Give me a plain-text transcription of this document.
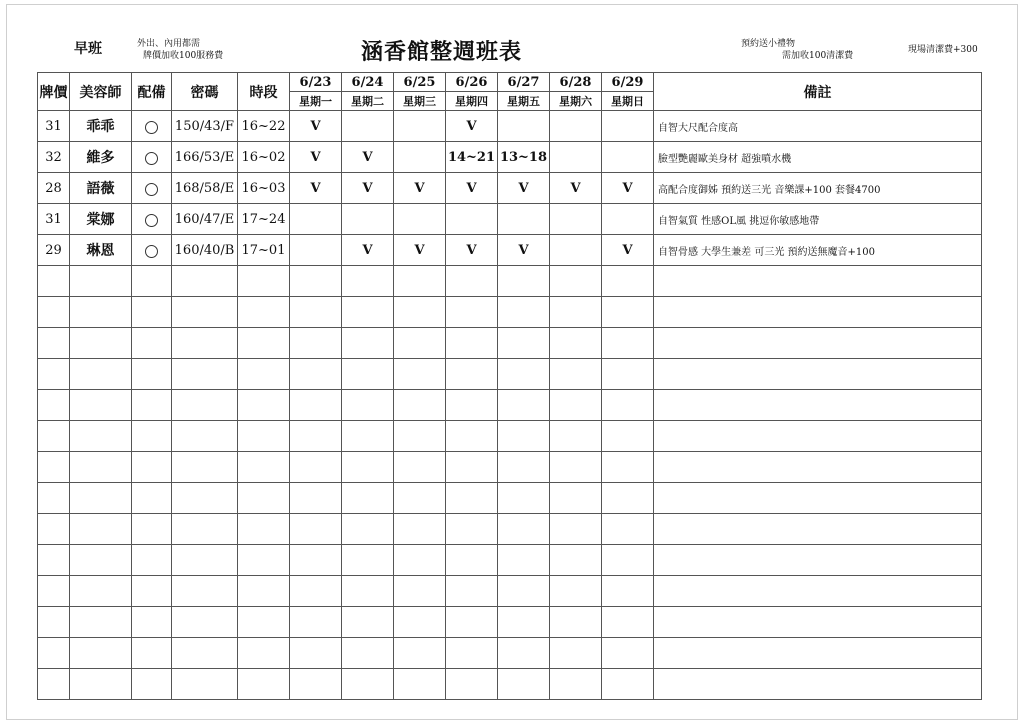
早班	外出、內用都需
牌價加收100服務費	涵香館整週班表	預約送小禮物
需加收100清潔費
現場清潔費+300
牌價	美容師	配備	密碼	時段	6/23	6/24	6/25	6/26	6/27	6/28	6/29	備註
					星期一	星期二	星期三	星期四	星期五	星期六	星期日	
31	乖乖		150/43/F	16~22	V			V				自智大尺配合度高
32	維多		166/53/E	16~02	V	V		14~21	13~18			臉型艷麗歐美身材 超強噴水機
28	語薇		168/58/E	16~03	V	V	V	V	V	V	V	高配合度御姊 預約送三光 音樂課+100 套餐4700
31	棠娜		160/47/E	17~24								自智氣質 性感OL風 挑逗你敏感地帶
29	琳恩		160/40/B	17~01		V	V	V	V		V	自智骨感 大學生兼差 可三光 預約送無魔音+100
